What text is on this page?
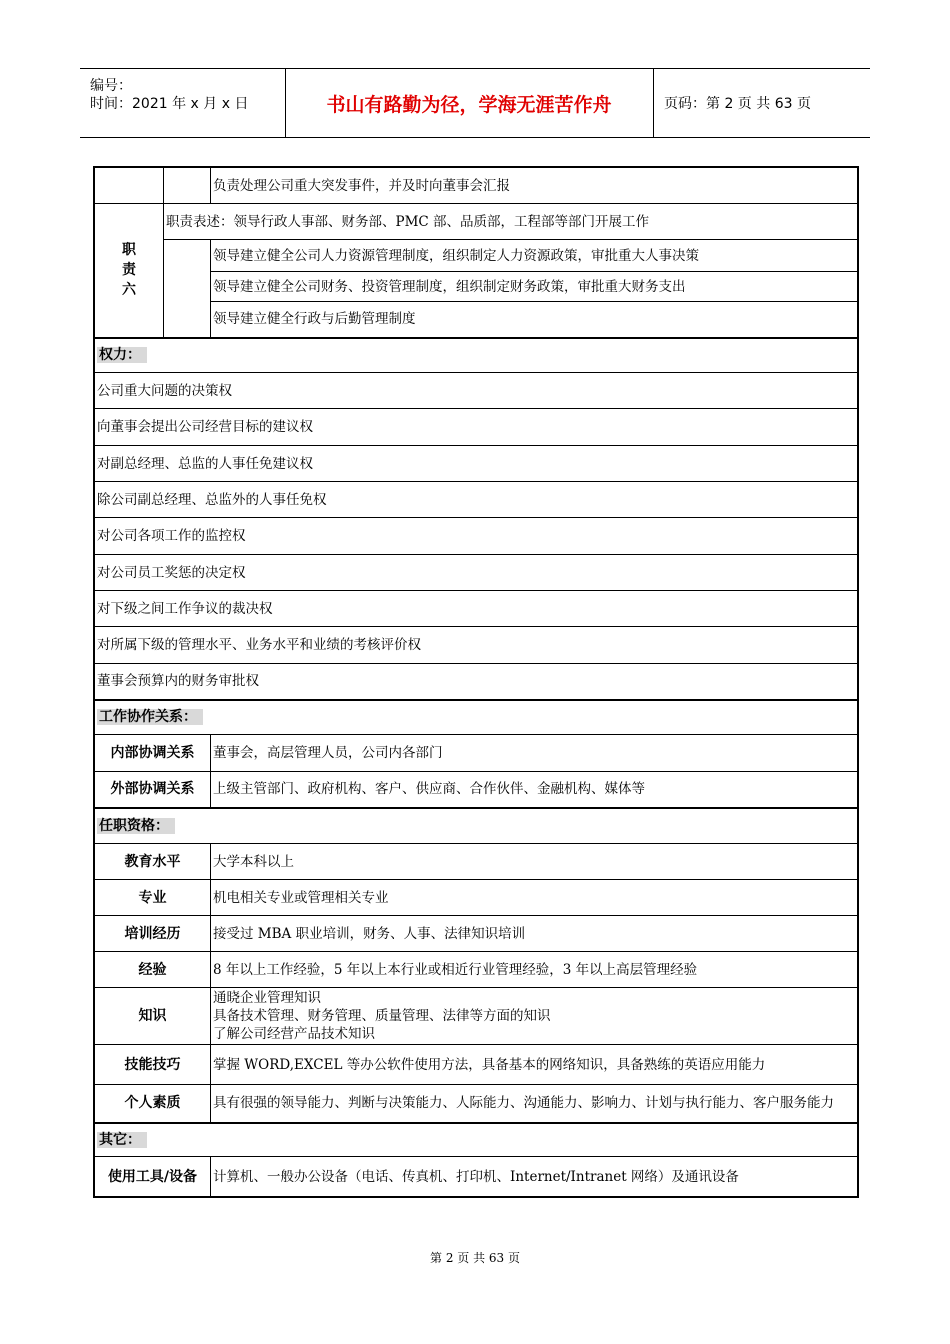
编号：
时间：2021 年 x 月 x 日	书山有路勤为径，学海无涯苦作舟	页码：第 2 页 共 63 页
		负责处理公司重大突发事件，并及时向董事会汇报

职
责
六	职责表述：领导行政人事部、财务部、PMC 部、品质部，工程部等部门开展工作	
		领导建立健全公司人力资源管理制度，组织制定人力资源政策，审批重大人事决策
		领导建立健全公司财务、投资管理制度，组织制定财务政策，审批重大财务支出
		领导建立健全行政与后勤管理制度
权力：		
公司重大问题的决策权		
向董事会提出公司经营目标的建议权		
对副总经理、总监的人事任免建议权		
除公司副总经理、总监外的人事任免权		
对公司各项工作的监控权		
对公司员工奖惩的决定权		
对下级之间工作争议的裁决权		
对所属下级的管理水平、业务水平和业绩的考核评价权		
董事会预算内的财务审批权		
工作协作关系：		
内部协调关系		董事会，高层管理人员，公司内各部门
外部协调关系		上级主管部门、政府机构、客户、供应商、合作伙伴、金融机构、媒体等
任职资格：		
教育水平		大学本科以上
专业		机电相关专业或管理相关专业
培训经历		接受过 MBA 职业培训，财务、人事、法律知识培训
经验		8 年以上工作经验，5 年以上本行业或相近行业管理经验，3 年以上高层管理经验
知识		通晓企业管理知识
具备技术管理、财务管理、质量管理、法律等方面的知识
了解公司经营产品技术知识

技能技巧		掌握 WORD,EXCEL 等办公软件使用方法，具备基本的网络知识，具备熟练的英语应用能力
个人素质		具有很强的领导能力、判断与决策能力、人际能力、沟通能力、影响力、计划与执行能力、客户服务能力
其它：		
使用工具/设备		计算机、一般办公设备（电话、传真机、打印机、Internet/Intranet 网络）及通讯设备
第 2 页 共 63 页
